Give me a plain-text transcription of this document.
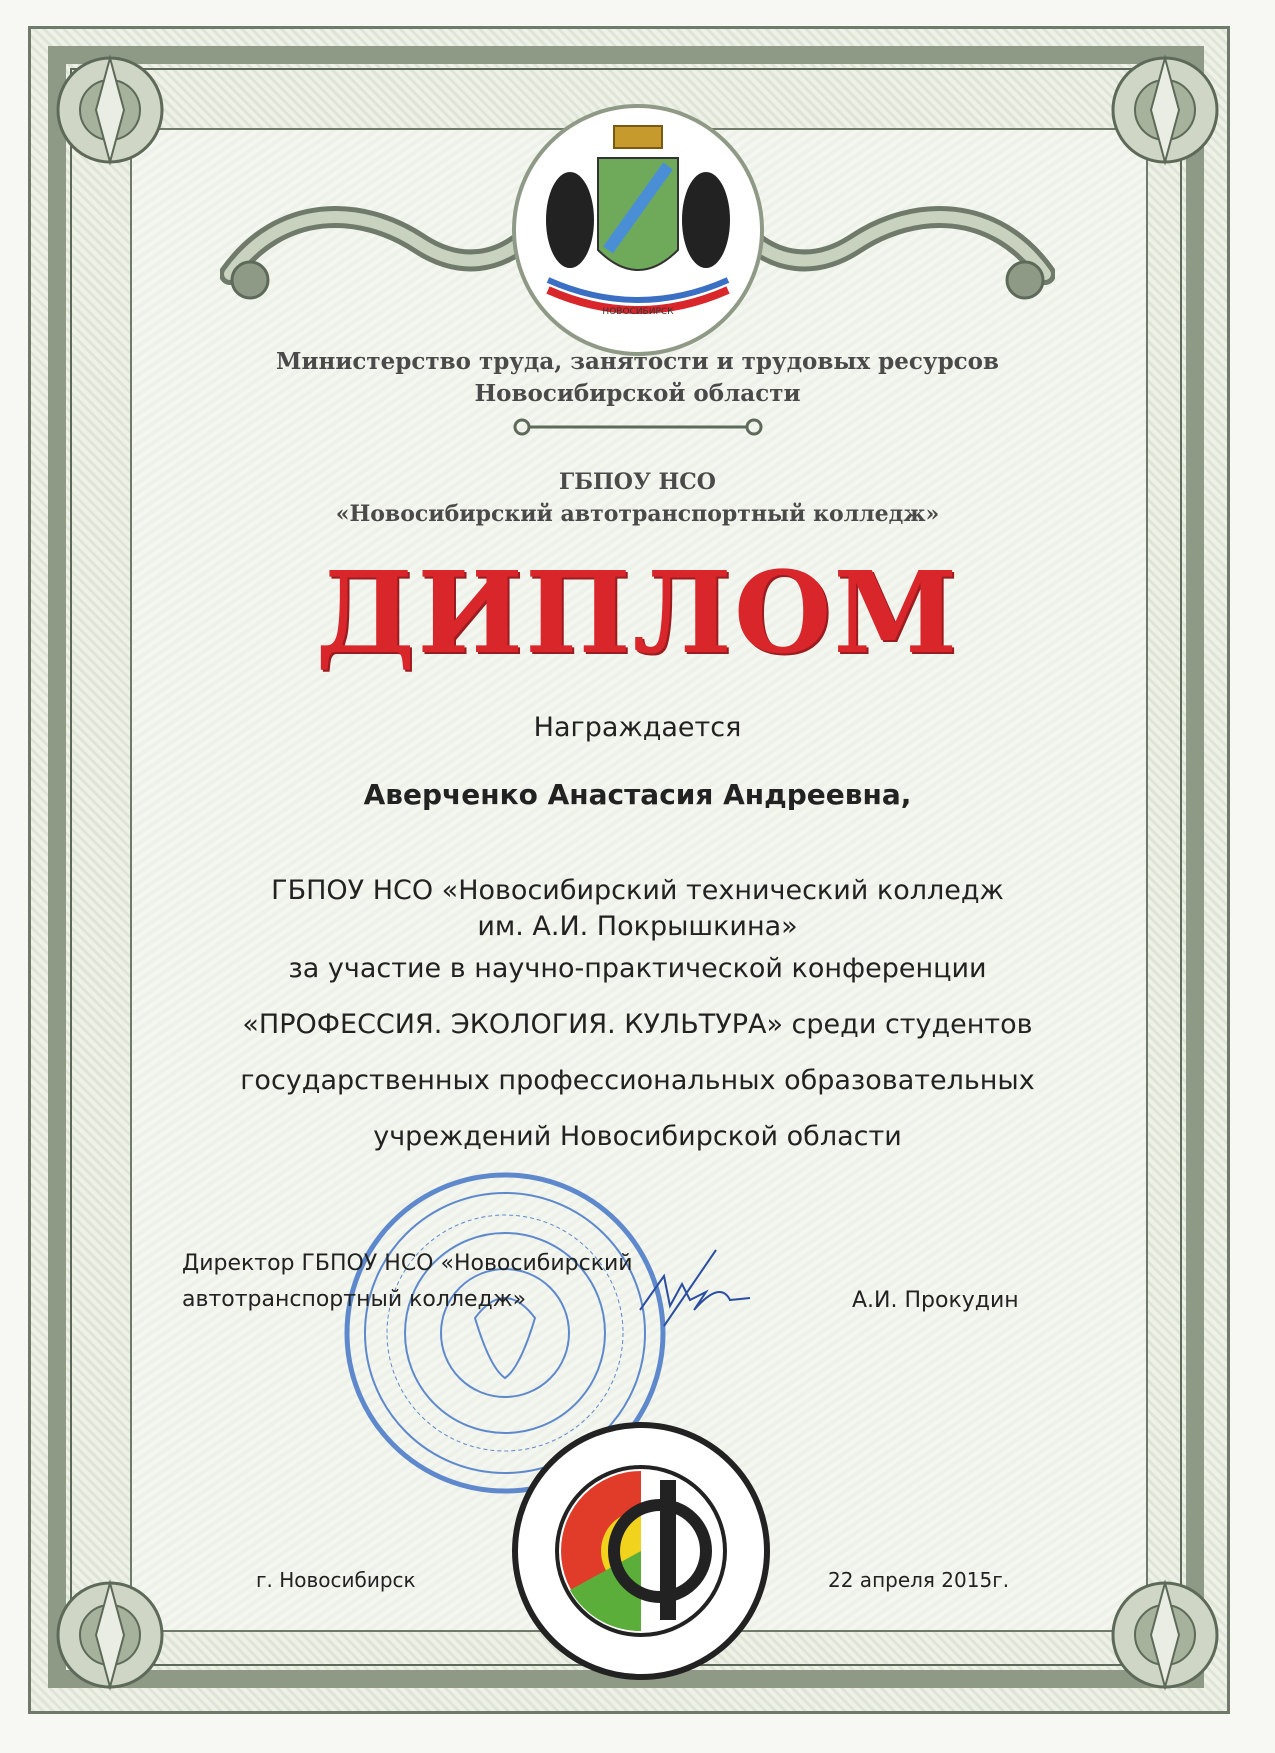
НОВОСИБИРСК
Министерство труда, занятости и трудовых ресурсов
Новосибирской области
ГБПОУ НСО
«Новосибирский автотранспортный колледж»
ДИПЛОМ
Награждается
Аверченко Анастасия Андреевна,
ГБПОУ НСО «Новосибирский технический колледж
им. А.И. Покрышкина»
за участие в научно-практической конференции
«ПРОФЕССИЯ. ЭКОЛОГИЯ. КУЛЬТУРА» среди студентов
государственных профессиональных образовательных
учреждений Новосибирской области
Директор ГБПОУ НСО «Новосибирский
автотранспортный колледж»	А.И. Прокудин
г. Новосибирск	22 апреля 2015г.
